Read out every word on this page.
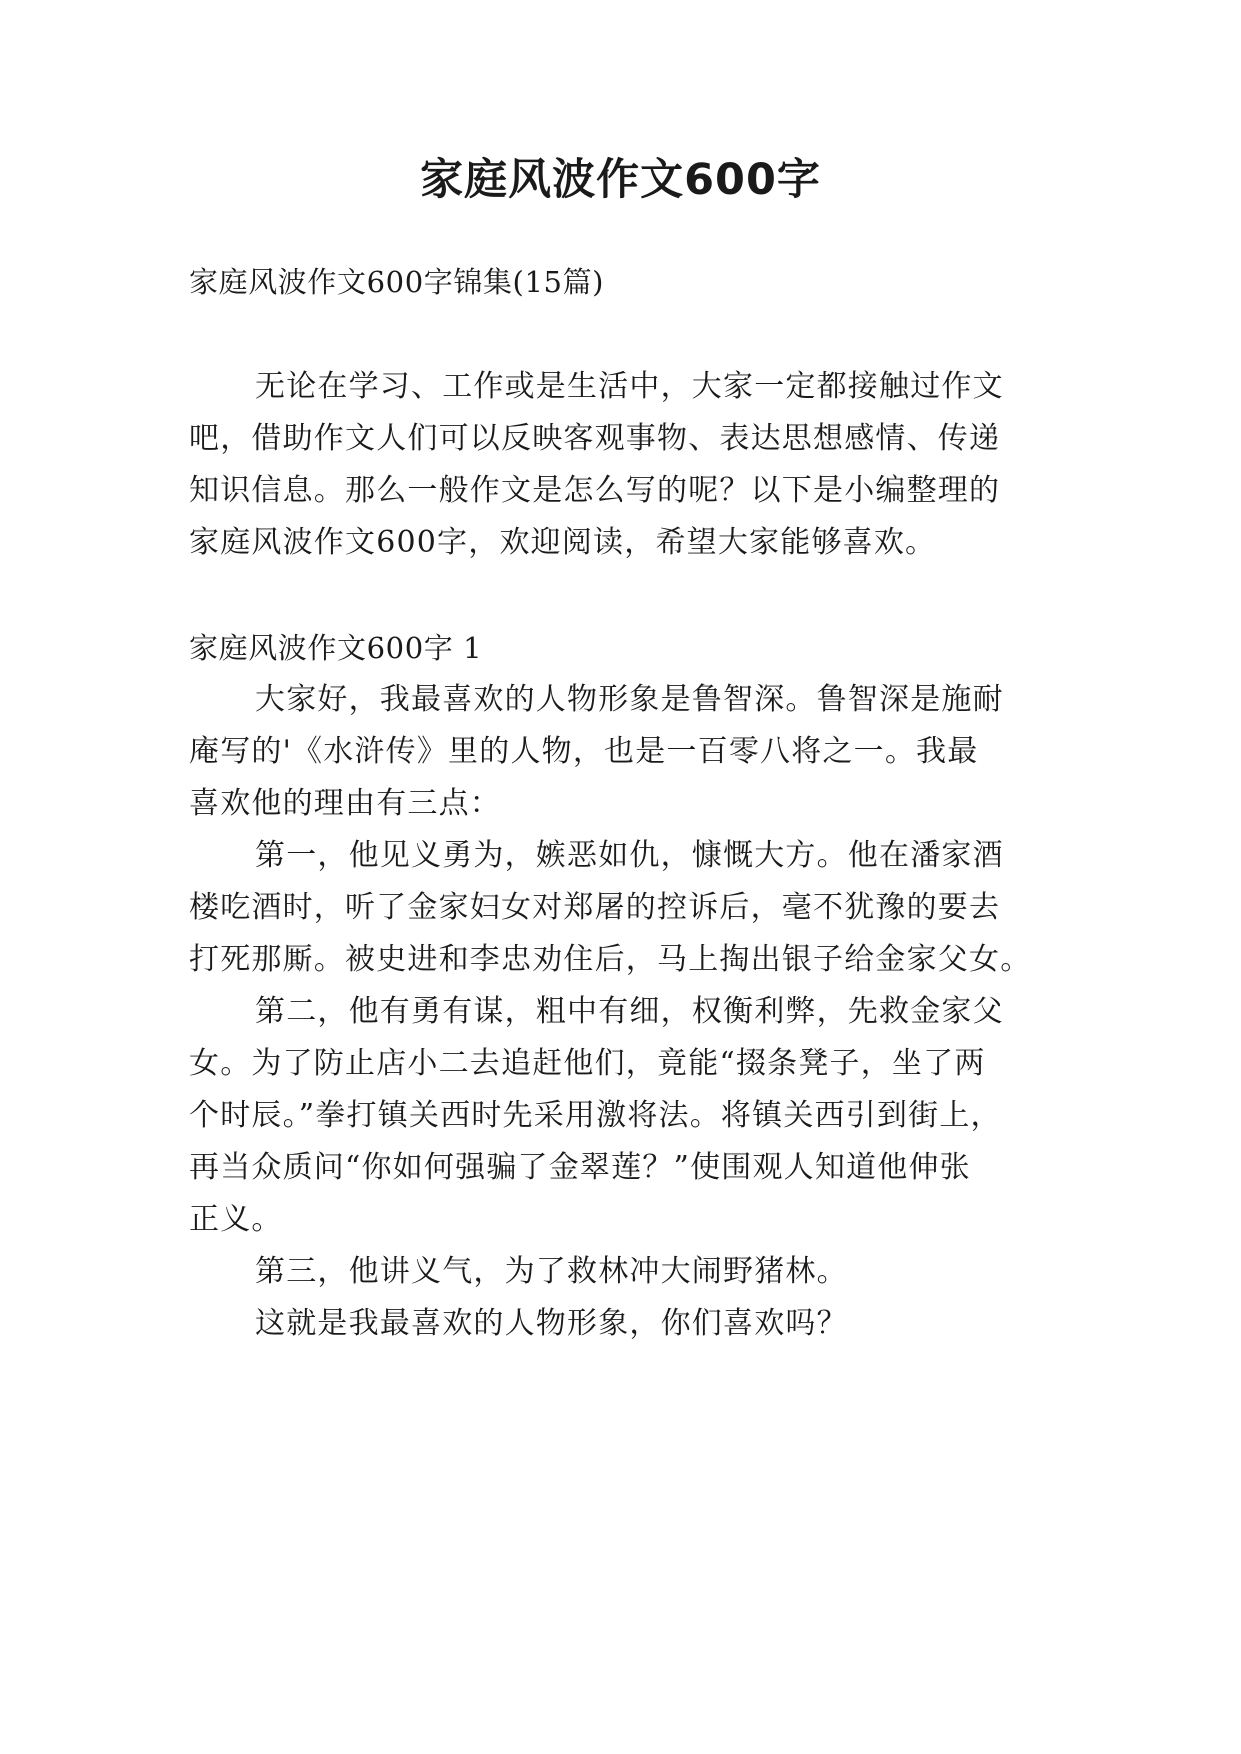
家庭风波作文600字
家庭风波作文600字锦集(15篇)
无论在学习、工作或是生活中，大家一定都接触过作文
吧，借助作文人们可以反映客观事物、表达思想感情、传递
知识信息。那么一般作文是怎么写的呢？以下是小编整理的
家庭风波作文600字，欢迎阅读，希望大家能够喜欢。
家庭风波作文600字 1
大家好，我最喜欢的人物形象是鲁智深。鲁智深是施耐
庵写的'《水浒传》里的人物，也是一百零八将之一。我最
喜欢他的理由有三点：
第一，他见义勇为，嫉恶如仇，慷慨大方。他在潘家酒
楼吃酒时，听了金家妇女对郑屠的控诉后，毫不犹豫的要去
打死那厮。被史进和李忠劝住后，马上掏出银子给金家父女。
第二，他有勇有谋，粗中有细，权衡利弊，先救金家父
女。为了防止店小二去追赶他们，竟能“掇条凳子，坐了两
个时辰。”拳打镇关西时先采用激将法。将镇关西引到街上，
再当众质问“你如何强骗了金翠莲？”使围观人知道他伸张
正义。
第三，他讲义气，为了救林冲大闹野猪林。
这就是我最喜欢的人物形象，你们喜欢吗？
